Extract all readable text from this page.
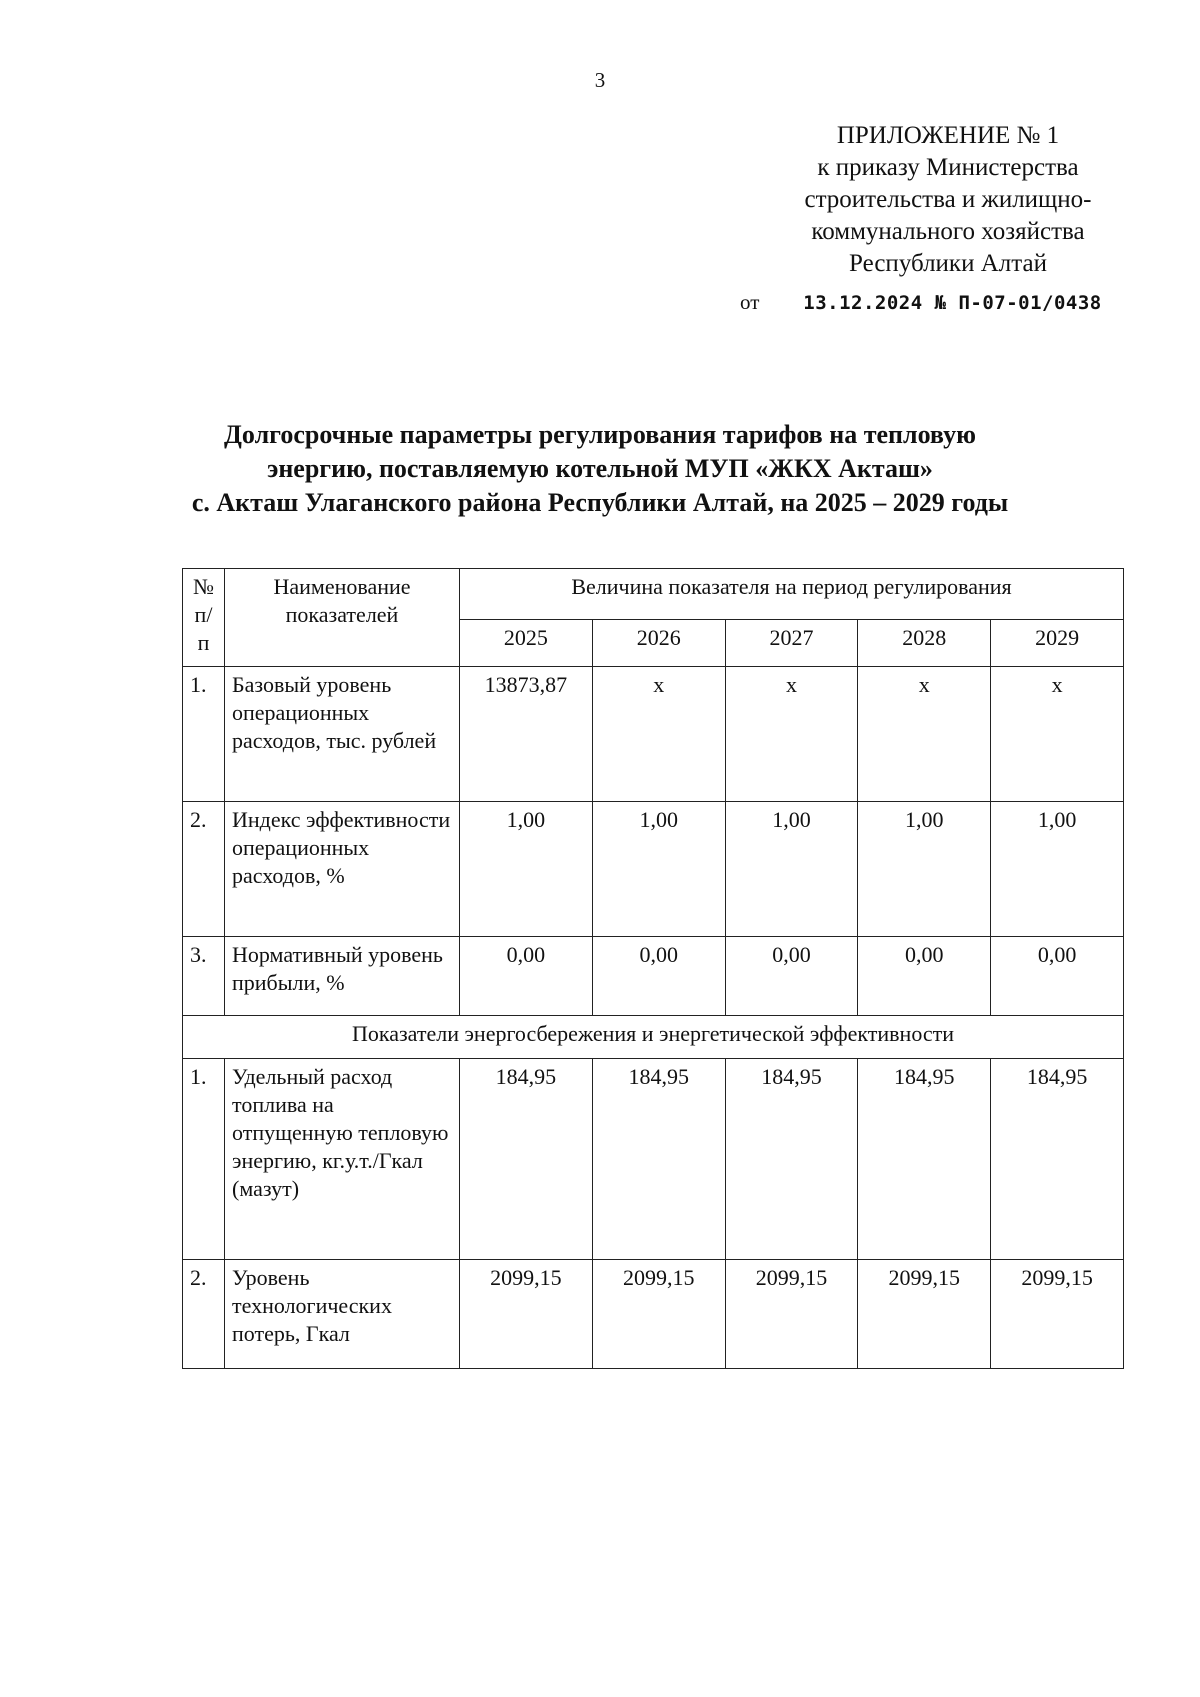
3
ПРИЛОЖЕНИЕ № 1
к приказу Министерства
строительства и жилищно-
коммунального хозяйства
Республики Алтай
от 13.12.2024 № П-07-01/0438
Долгосрочные параметры регулирования тарифов на тепловую
энергию, поставляемую котельной МУП «ЖКХ Акташ»
с. Акташ Улаганского района Республики Алтай, на 2025 – 2029 годы
№ п/п	Наименование показателей	Величина показателя на период регулирования				
		2025	2026	2027	2028	2029
1.	Базовый уровень операционных расходов, тыс. рублей	13873,87	х	х	х	х
2.	Индекс эффективности операционных расходов, %	1,00	1,00	1,00	1,00	1,00
3.	Нормативный уровень прибыли, %	0,00	0,00	0,00	0,00	0,00
Показатели энергосбережения и энергетической эффективности						
1.	Удельный расход топлива на отпущенную тепловую энергию, кг.у.т./Гкал (мазут)	184,95	184,95	184,95	184,95	184,95
2.	Уровень технологических потерь, Гкал	2099,15	2099,15	2099,15	2099,15	2099,15
